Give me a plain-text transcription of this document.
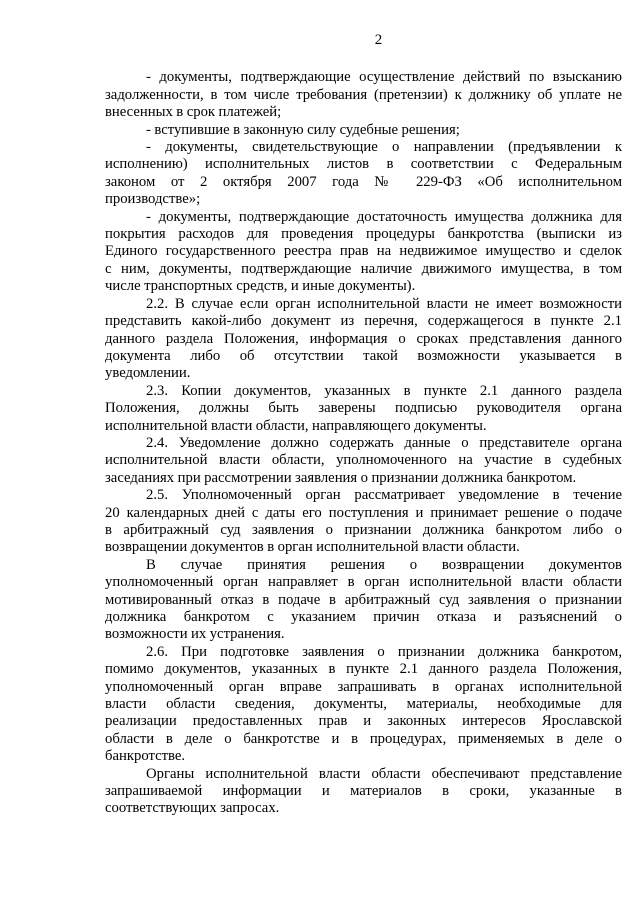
2
- документы, подтверждающие осуществление действий по взысканию
задолженности, в том числе требования (претензии) к должнику об уплате не
внесенных в срок платежей;
- вступившие в законную силу судебные решения;
- документы, свидетельствующие о направлении (предъявлении к
исполнению) исполнительных листов в соответствии с Федеральным
законом от 2 октября 2007 года № 229-ФЗ «Об исполнительном
производстве»;
- документы, подтверждающие достаточность имущества должника для
покрытия расходов для проведения процедуры банкротства (выписки из
Единого государственного реестра прав на недвижимое имущество и сделок
с ним, документы, подтверждающие наличие движимого имущества, в том
числе транспортных средств, и иные документы).
2.2. В случае если орган исполнительной власти не имеет возможности
представить какой-либо документ из перечня, содержащегося в пункте 2.1
данного раздела Положения, информация о сроках представления данного
документа либо об отсутствии такой возможности указывается в
уведомлении.
2.3. Копии документов, указанных в пункте 2.1 данного раздела
Положения, должны быть заверены подписью руководителя органа
исполнительной власти области, направляющего документы.
2.4. Уведомление должно содержать данные о представителе органа
исполнительной власти области, уполномоченного на участие в судебных
заседаниях при рассмотрении заявления о признании должника банкротом.
2.5. Уполномоченный орган рассматривает уведомление в течение
20 календарных дней с даты его поступления и принимает решение о подаче
в арбитражный суд заявления о признании должника банкротом либо о
возвращении документов в орган исполнительной власти области.
В случае принятия решения о возвращении документов
уполномоченный орган направляет в орган исполнительной власти области
мотивированный отказ в подаче в арбитражный суд заявления о признании
должника банкротом с указанием причин отказа и разъяснений о
возможности их устранения.
2.6. При подготовке заявления о признании должника банкротом,
помимо документов, указанных в пункте 2.1 данного раздела Положения,
уполномоченный орган вправе запрашивать в органах исполнительной
власти области сведения, документы, материалы, необходимые для
реализации предоставленных прав и законных интересов Ярославской
области в деле о банкротстве и в процедурах, применяемых в деле о
банкротстве.
Органы исполнительной власти области обеспечивают представление
запрашиваемой информации и материалов в сроки, указанные в
соответствующих запросах.
